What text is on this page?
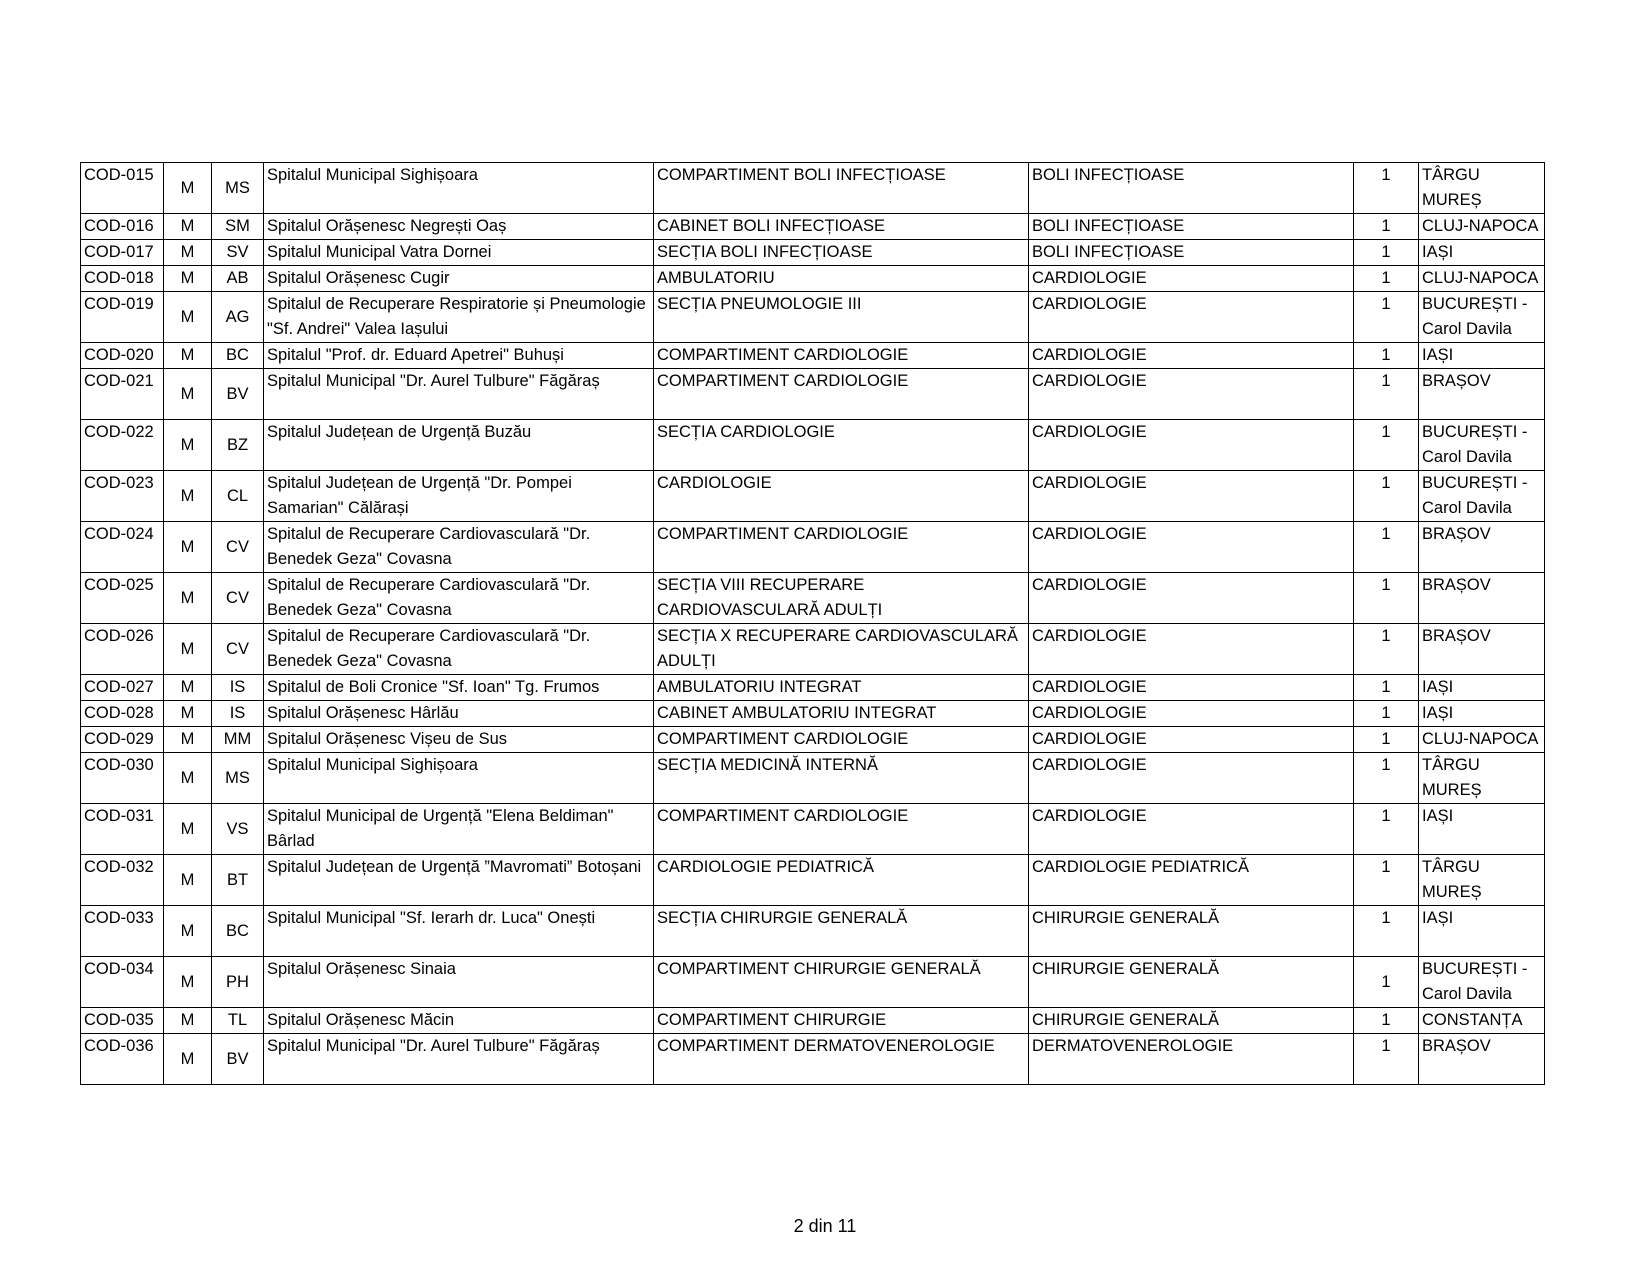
COD-015	M	MS	Spitalul Municipal Sighișoara	COMPARTIMENT BOLI INFECȚIOASE	BOLI INFECȚIOASE	1	TÂRGU MUREȘ
COD-016	M	SM	Spitalul Orășenesc Negrești Oaș	CABINET BOLI INFECȚIOASE	BOLI INFECȚIOASE	1	CLUJ-NAPOCA
COD-017	M	SV	Spitalul Municipal Vatra Dornei	SECȚIA BOLI INFECȚIOASE	BOLI INFECȚIOASE	1	IAȘI
COD-018	M	AB	Spitalul Orășenesc Cugir	AMBULATORIU	CARDIOLOGIE	1	CLUJ-NAPOCA
COD-019	M	AG	Spitalul de Recuperare Respiratorie și Pneumologie "Sf. Andrei" Valea Iașului	SECȚIA PNEUMOLOGIE III	CARDIOLOGIE	1	BUCUREȘTI - Carol Davila
COD-020	M	BC	Spitalul "Prof. dr. Eduard Apetrei" Buhuși	COMPARTIMENT CARDIOLOGIE	CARDIOLOGIE	1	IAȘI
COD-021	M	BV	Spitalul Municipal "Dr. Aurel Tulbure" Făgăraș	COMPARTIMENT CARDIOLOGIE	CARDIOLOGIE	1	BRAȘOV
COD-022	M	BZ	Spitalul Județean de Urgență Buzău	SECȚIA CARDIOLOGIE	CARDIOLOGIE	1	BUCUREȘTI - Carol Davila
COD-023	M	CL	Spitalul Județean de Urgență "Dr. Pompei Samarian" Călărași	CARDIOLOGIE	CARDIOLOGIE	1	BUCUREȘTI - Carol Davila
COD-024	M	CV	Spitalul de Recuperare Cardiovasculară "Dr. Benedek Geza" Covasna	COMPARTIMENT CARDIOLOGIE	CARDIOLOGIE	1	BRAȘOV
COD-025	M	CV	Spitalul de Recuperare Cardiovasculară "Dr. Benedek Geza" Covasna	SECȚIA VIII RECUPERARE CARDIOVASCULARĂ ADULȚI	CARDIOLOGIE	1	BRAȘOV
COD-026	M	CV	Spitalul de Recuperare Cardiovasculară "Dr. Benedek Geza" Covasna	SECȚIA X RECUPERARE CARDIOVASCULARĂ ADULȚI	CARDIOLOGIE	1	BRAȘOV
COD-027	M	IS	Spitalul de Boli Cronice "Sf. Ioan" Tg. Frumos	AMBULATORIU INTEGRAT	CARDIOLOGIE	1	IAȘI
COD-028	M	IS	Spitalul Orășenesc Hârlău	CABINET AMBULATORIU INTEGRAT	CARDIOLOGIE	1	IAȘI
COD-029	M	MM	Spitalul Orășenesc Vișeu de Sus	COMPARTIMENT CARDIOLOGIE	CARDIOLOGIE	1	CLUJ-NAPOCA
COD-030	M	MS	Spitalul Municipal Sighișoara	SECȚIA MEDICINĂ INTERNĂ	CARDIOLOGIE	1	TÂRGU MUREȘ
COD-031	M	VS	Spitalul Municipal de Urgență "Elena Beldiman" Bârlad	COMPARTIMENT CARDIOLOGIE	CARDIOLOGIE	1	IAȘI
COD-032	M	BT	Spitalul Județean de Urgență ”Mavromati” Botoșani	CARDIOLOGIE PEDIATRICĂ	CARDIOLOGIE PEDIATRICĂ	1	TÂRGU MUREȘ
COD-033	M	BC	Spitalul Municipal "Sf. Ierarh dr. Luca" Onești	SECȚIA CHIRURGIE GENERALĂ	CHIRURGIE GENERALĂ	1	IAȘI
COD-034	M	PH	Spitalul Orășenesc Sinaia	COMPARTIMENT CHIRURGIE GENERALĂ	CHIRURGIE GENERALĂ	1	BUCUREȘTI - Carol Davila
COD-035	M	TL	Spitalul Orășenesc Măcin	COMPARTIMENT CHIRURGIE	CHIRURGIE GENERALĂ	1	CONSTANȚA
COD-036	M	BV	Spitalul Municipal "Dr. Aurel Tulbure" Făgăraș	COMPARTIMENT DERMATOVENEROLOGIE	DERMATOVENEROLOGIE	1	BRAȘOV
2 din 11
